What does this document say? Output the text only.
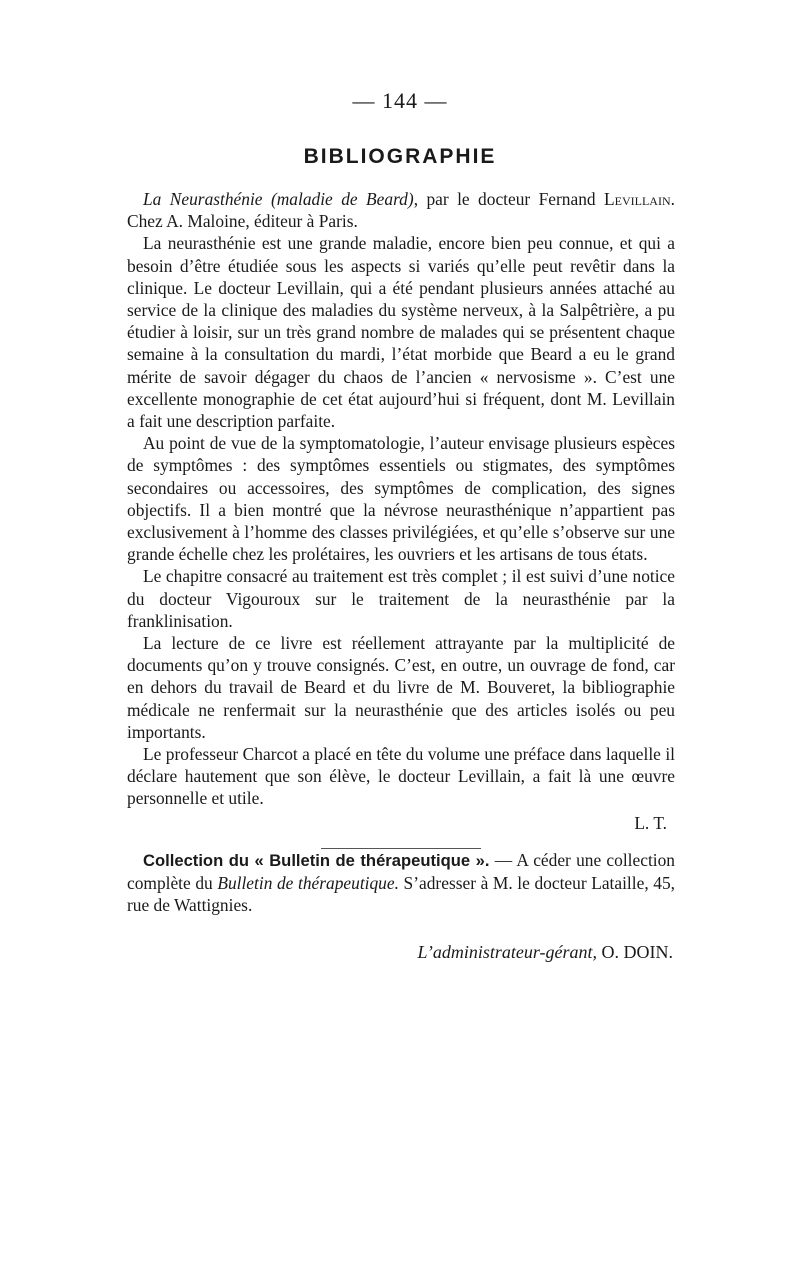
— 144 —
BIBLIOGRAPHIE

La Neurasthénie (maladie de Beard), par le docteur Fernand Levillain. Chez A. Maloine, éditeur à Paris.

La neurasthénie est une grande maladie, encore bien peu connue, et qui a besoin d’être étudiée sous les aspects si variés qu’elle peut revêtir dans la clinique. Le docteur Levillain, qui a été pendant plusieurs années attaché au service de la clinique des maladies du système nerveux, à la Salpêtrière, a pu étudier à loisir, sur un très grand nombre de malades qui se présentent chaque semaine à la consultation du mardi, l’état morbide que Beard a eu le grand mérite de savoir dégager du chaos de l’ancien « nervosisme ». C’est une excellente monographie de cet état aujourd’hui si fréquent, dont M. Levillain a fait une description parfaite.

Au point de vue de la symptomatologie, l’auteur envisage plusieurs espèces de symptômes : des symptômes essentiels ou stigmates, des symptômes secondaires ou accessoires, des symptômes de complication, des signes objectifs. Il a bien montré que la névrose neurasthénique n’appartient pas exclusivement à l’homme des classes privilégiées, et qu’elle s’observe sur une grande échelle chez les prolétaires, les ouvriers et les artisans de tous états.

Le chapitre consacré au traitement est très complet ; il est suivi d’une notice du docteur Vigouroux sur le traitement de la neurasthénie par la franklinisation.

La lecture de ce livre est réellement attrayante par la multiplicité de documents qu’on y trouve consignés. C’est, en outre, un ouvrage de fond, car en dehors du travail de Beard et du livre de M. Bouveret, la bibliographie médicale ne renfermait sur la neurasthénie que des articles isolés ou peu importants.

Le professeur Charcot a placé en tête du volume une préface dans laquelle il déclare hautement que son élève, le docteur Levillain, a fait là une œuvre personnelle et utile.

L. T.

Collection du « Bulletin de thérapeutique ». — A céder une collection complète du Bulletin de thérapeutique. S’adresser à M. le docteur Lataille, 45, rue de Wattignies.

L’administrateur-gérant, O. DOIN.
